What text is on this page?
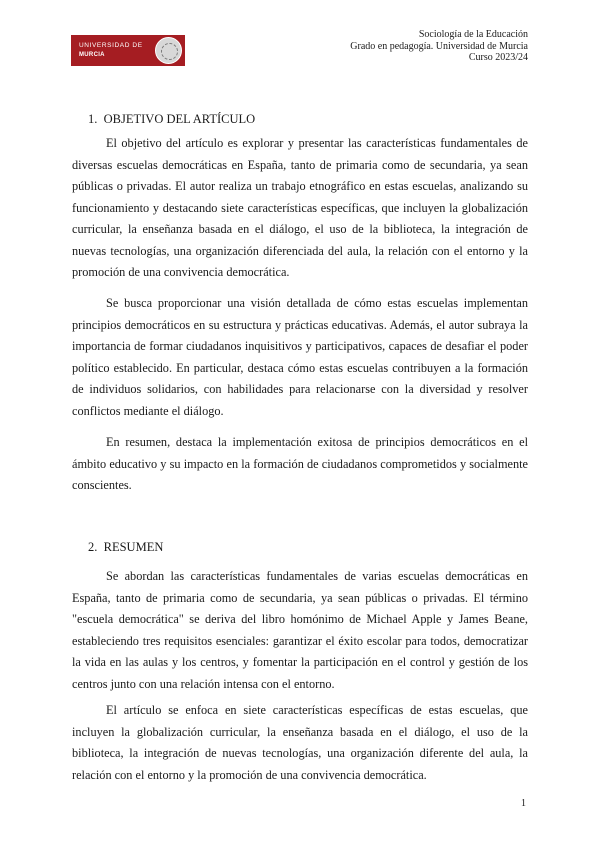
UNIVERSIDAD DE
MURCIA
Sociología de la Educación
Grado en pedagogía. Universidad de Murcia
Curso 2023/24
1. OBJETIVO DEL ARTÍCULO

El objetivo del artículo es explorar y presentar las características fundamentales de diversas escuelas democráticas en España, tanto de primaria como de secundaria, ya sean públicas o privadas. El autor realiza un trabajo etnográfico en estas escuelas, analizando su funcionamiento y destacando siete características específicas, que incluyen la globalización curricular, la enseñanza basada en el diálogo, el uso de la biblioteca, la integración de nuevas tecnologías, una organización diferenciada del aula, la relación con el entorno y la promoción de una convivencia democrática.

Se busca proporcionar una visión detallada de cómo estas escuelas implementan principios democráticos en su estructura y prácticas educativas. Además, el autor subraya la importancia de formar ciudadanos inquisitivos y participativos, capaces de desafiar el poder político establecido. En particular, destaca cómo estas escuelas contribuyen a la formación de individuos solidarios, con habilidades para relacionarse con la diversidad y resolver conflictos mediante el diálogo.

En resumen, destaca la implementación exitosa de principios democráticos en el ámbito educativo y su impacto en la formación de ciudadanos comprometidos y socialmente conscientes.

2. RESUMEN

Se abordan las características fundamentales de varias escuelas democráticas en España, tanto de primaria como de secundaria, ya sean públicas o privadas. El término "escuela democrática" se deriva del libro homónimo de Michael Apple y James Beane, estableciendo tres requisitos esenciales: garantizar el éxito escolar para todos, democratizar la vida en las aulas y los centros, y fomentar la participación en el control y gestión de los centros junto con una relación intensa con el entorno.

El artículo se enfoca en siete características específicas de estas escuelas, que incluyen la globalización curricular, la enseñanza basada en el diálogo, el uso de la biblioteca, la integración de nuevas tecnologías, una organización diferente del aula, la relación con el entorno y la promoción de una convivencia democrática.

1
